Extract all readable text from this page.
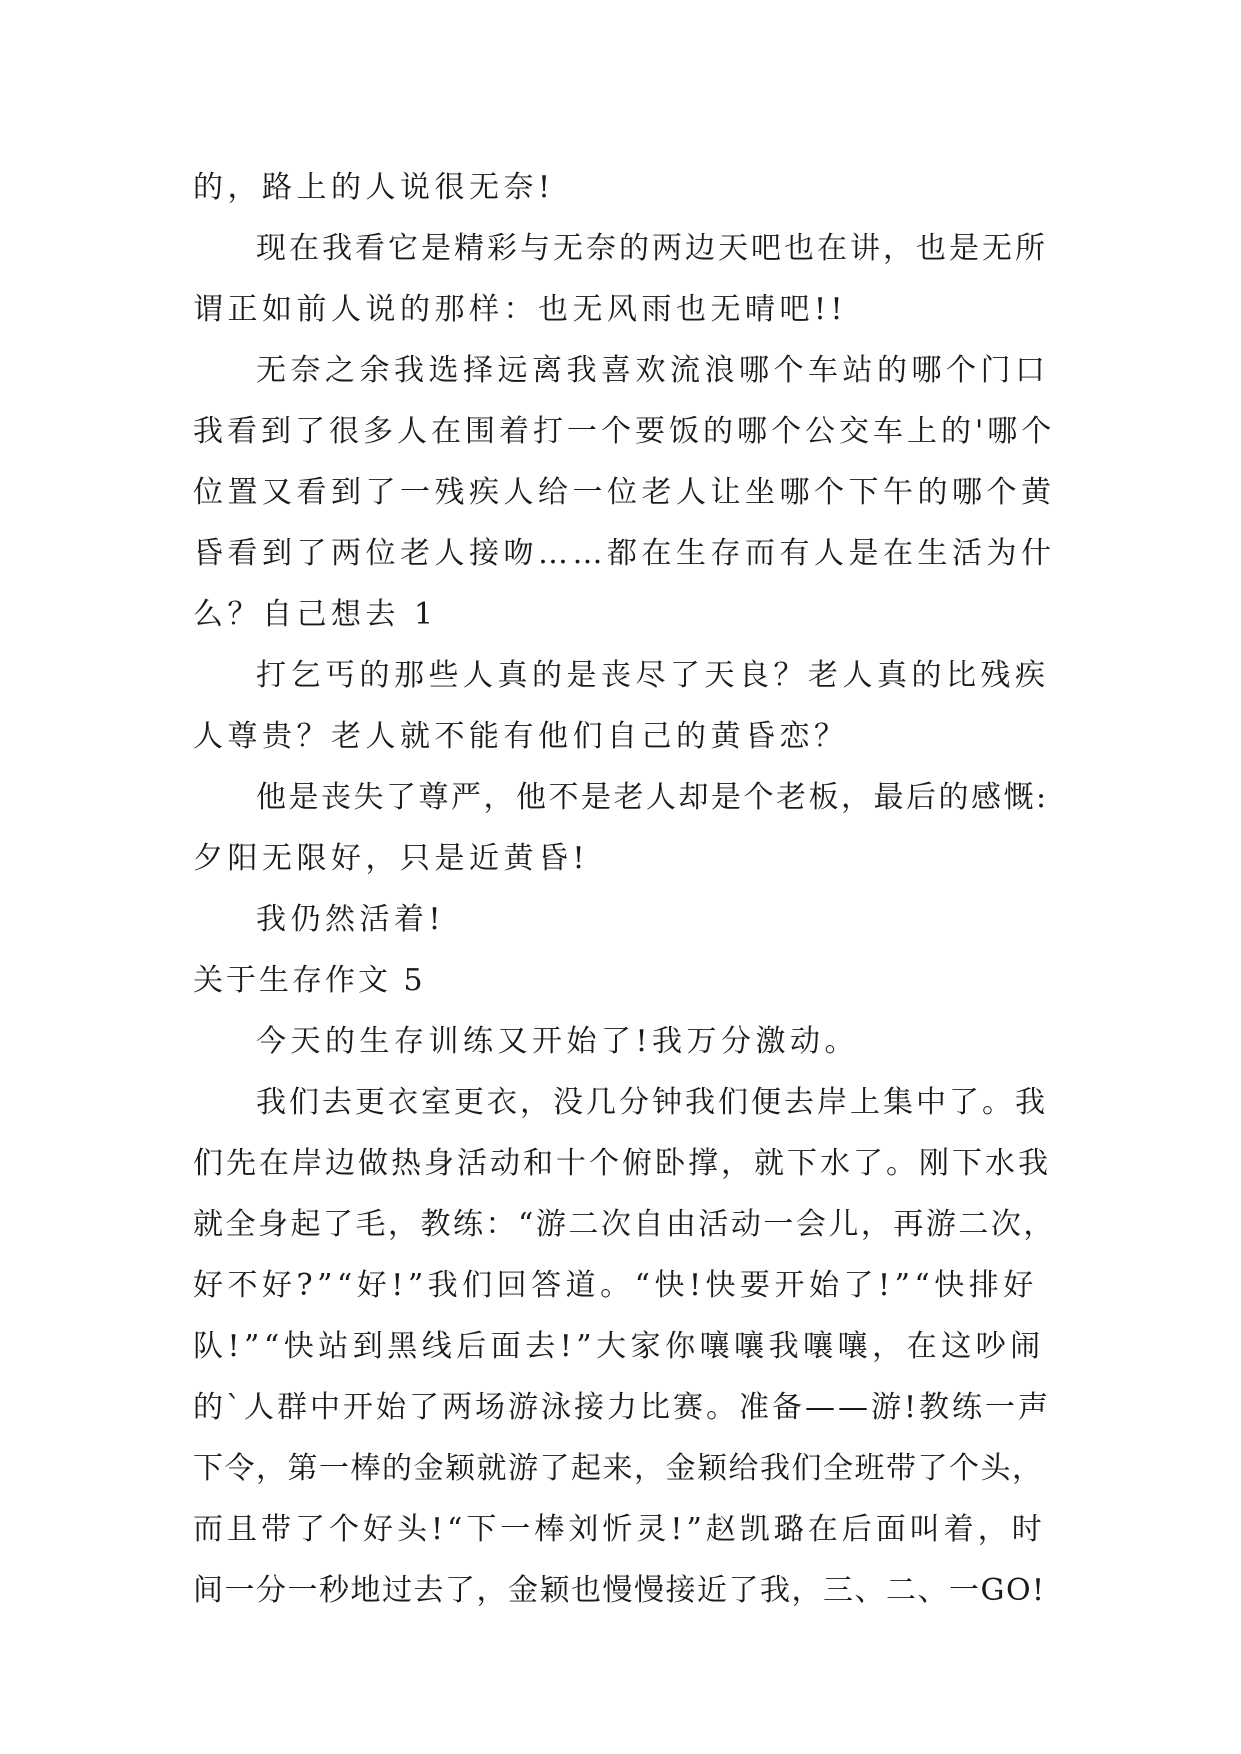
的，路上的人说很无奈!
现在我看它是精彩与无奈的两边天吧也在讲，也是无所
谓正如前人说的那样：也无风雨也无晴吧!!
无奈之余我选择远离我喜欢流浪哪个车站的哪个门口
我看到了很多人在围着打一个要饭的哪个公交车上的'哪个
位置又看到了一残疾人给一位老人让坐哪个下午的哪个黄
昏看到了两位老人接吻……都在生存而有人是在生活为什
么？自己想去 1
打乞丐的那些人真的是丧尽了天良？老人真的比残疾
人尊贵？老人就不能有他们自己的黄昏恋？
他是丧失了尊严，他不是老人却是个老板，最后的感慨:
夕阳无限好，只是近黄昏!
我仍然活着!
关于生存作文 5
今天的生存训练又开始了!我万分激动。
我们去更衣室更衣，没几分钟我们便去岸上集中了。我
们先在岸边做热身活动和十个俯卧撑，就下水了。刚下水我
就全身起了毛，教练：“游二次自由活动一会儿，再游二次，
好不好?”“好!”我们回答道。“快!快要开始了!”“快排好
队!”“快站到黑线后面去!”大家你嚷嚷我嚷嚷，在这吵闹
的`人群中开始了两场游泳接力比赛。准备——游!教练一声
下令，第一棒的金颖就游了起来，金颖给我们全班带了个头，
而且带了个好头!“下一棒刘忻灵!”赵凯璐在后面叫着，时
间一分一秒地过去了，金颖也慢慢接近了我，三、二、一GO!
